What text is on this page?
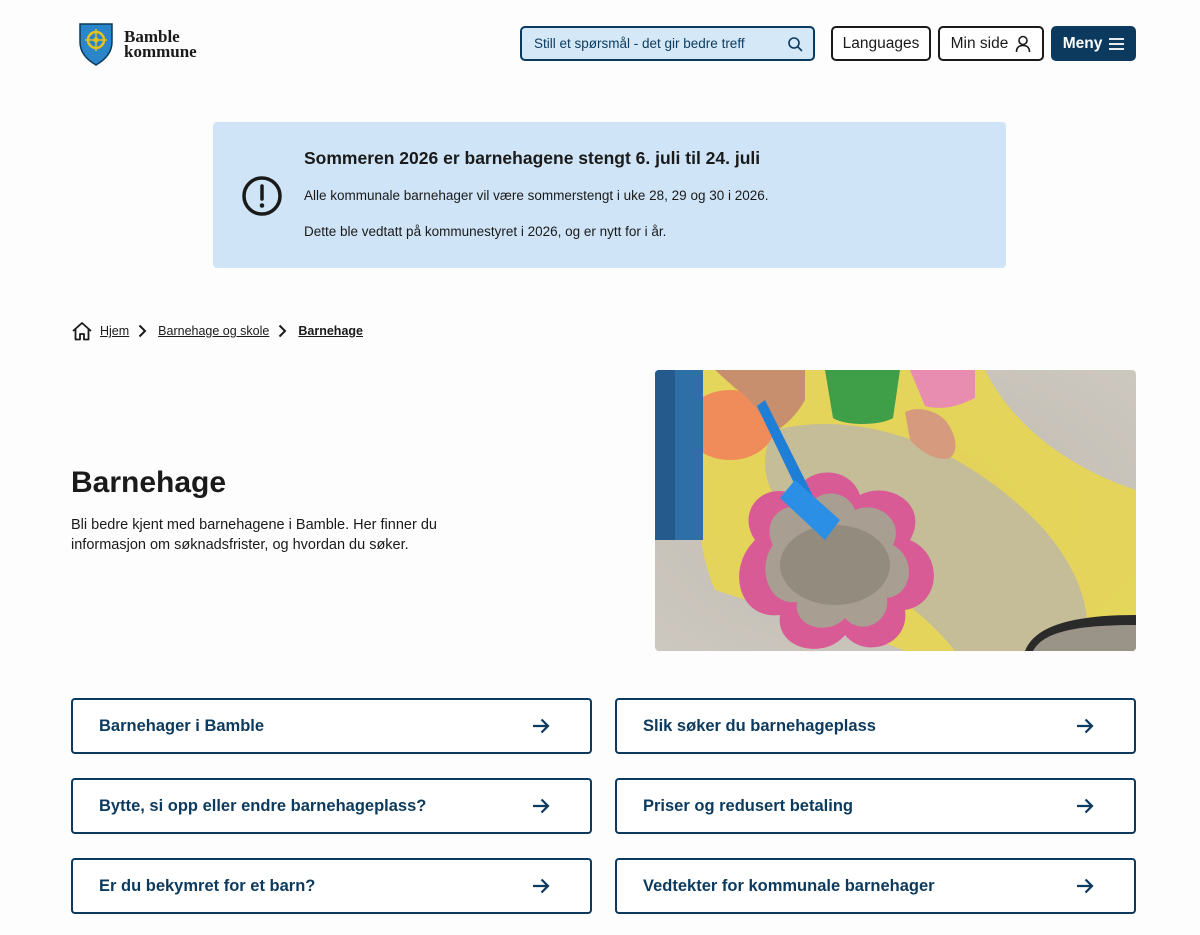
Bamble
kommune
Still et spørsmål - det gir bedre treff	Languages Min side	Meny
Sommeren 2026 er barnehagene stengt 6. juli til 24. juli
Alle kommunale barnehager vil være sommerstengt i uke 28, 29 og 30 i 2026.
Dette ble vedtatt på kommunestyret i 2026, og er nytt for i år.
Hjem Barnehage og skole Barnehage
Barnehage

Bli bedre kjent med barnehagene i Bamble. Her finner du informasjon om søknadsfrister, og hvordan du søker.

Barnehager i Bamble	Slik søker du barnehageplass
Bytte, si opp eller endre barnehageplass?	Priser og redusert betaling
Er du bekymret for et barn?	Vedtekter for kommunale barnehager
